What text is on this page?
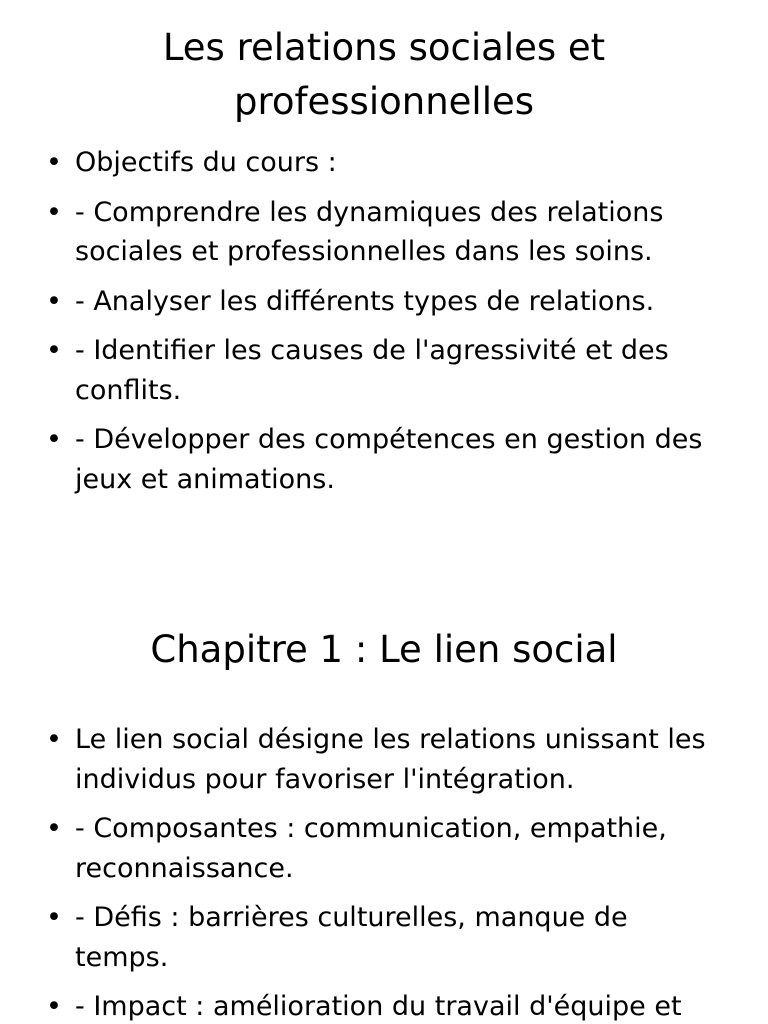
Les relations sociales et professionnelles
• Objectifs du cours :
• - Comprendre les dynamiques des relations sociales et professionnelles dans les soins.
• - Analyser les différents types de relations.
• - Identifier les causes de l'agressivité et des conflits.
• - Développer des compétences en gestion des jeux et animations.
Chapitre 1 : Le lien social
• Le lien social désigne les relations unissant les individus pour favoriser l'intégration.
• - Composantes : communication, empathie, reconnaissance.
• - Défis : barrières culturelles, manque de temps.
• - Impact : amélioration du travail d'équipe et
